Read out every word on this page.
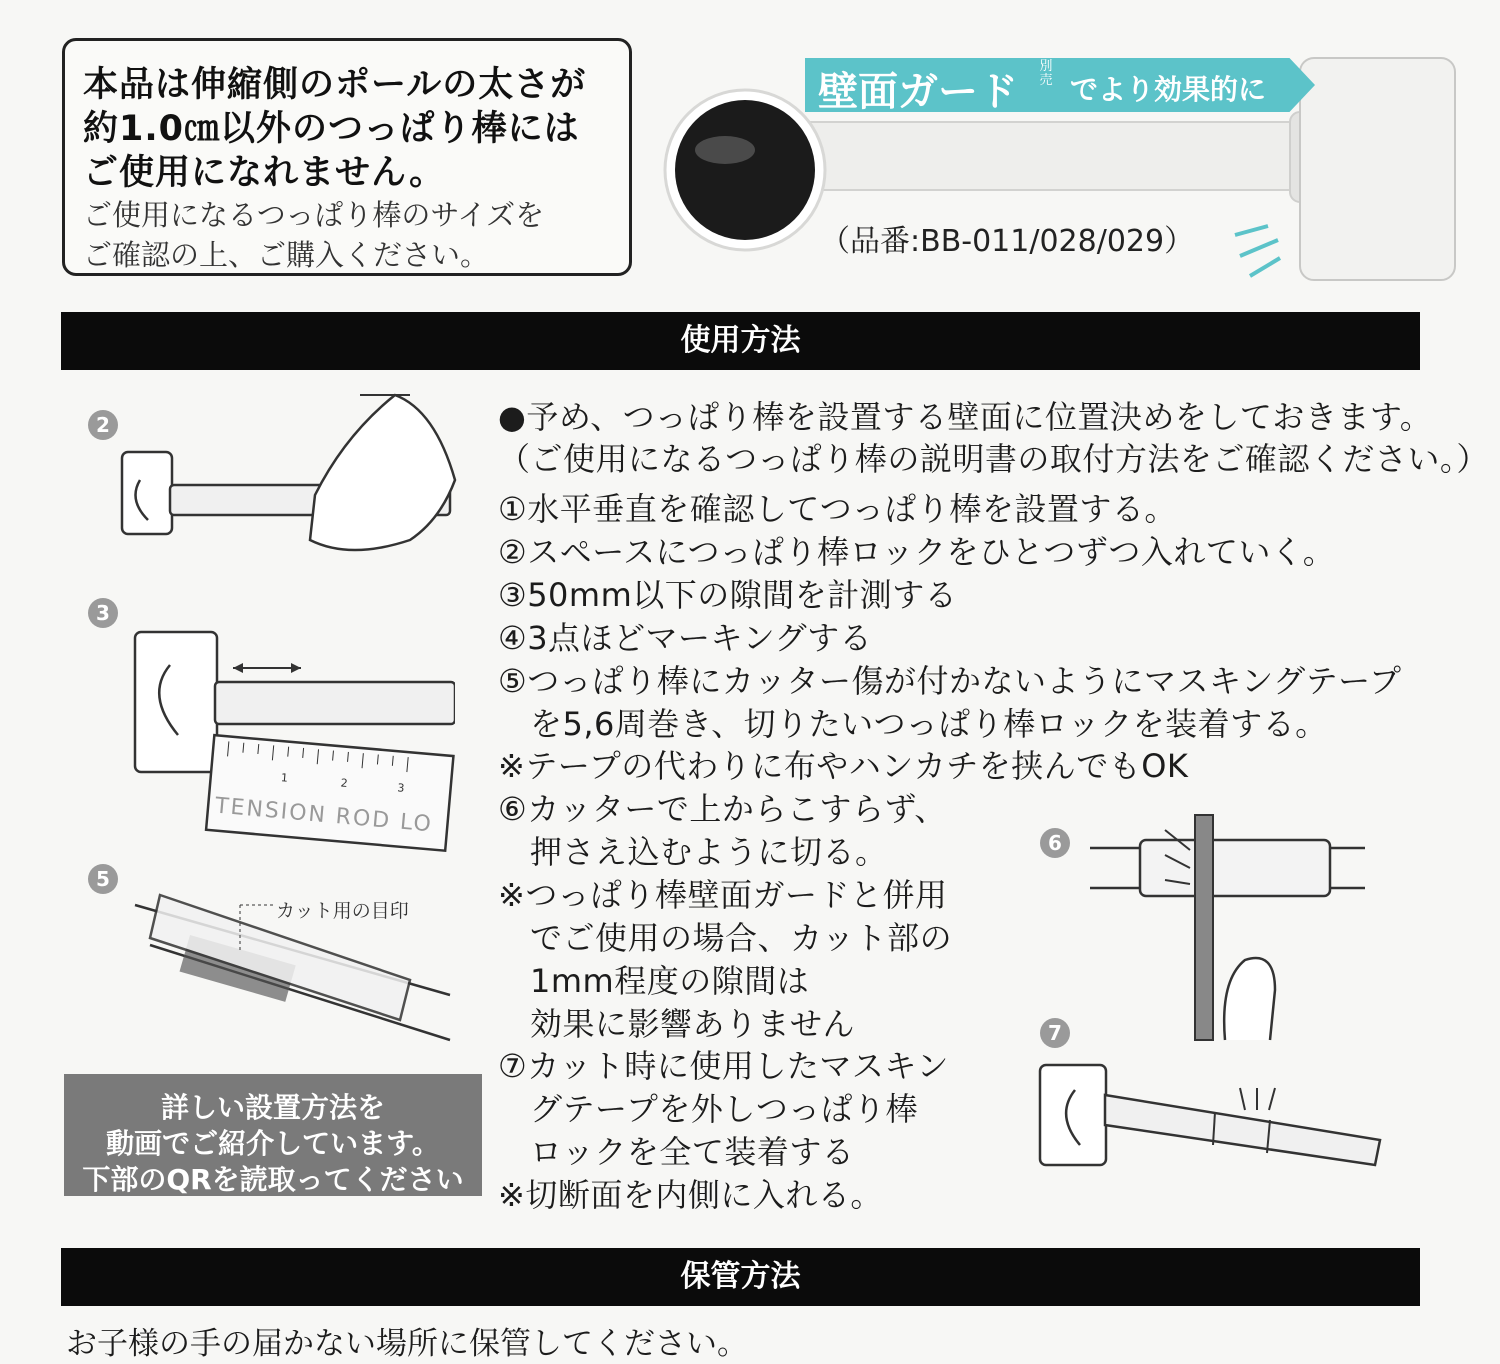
本品は伸縮側のポールの太さが
約1.0㎝以外のつっぱり棒には
ご使用になれません。
ご使用になるつっぱり棒のサイズを
ご確認の上、ご購入ください。
壁面ガード
別売 でより効果的に
（品番:BB-011/028/029）
使用方法
2
3
1	2	3
TENSION ROD LO
5
カット用の目印
詳しい設置方法を
動画でご紹介しています。
下部のQRを読取ってください
●予め、つっぱり棒を設置する壁面に位置決めをしておきます。
（ご使用になるつっぱり棒の説明書の取付方法をご確認ください。）
①水平垂直を確認してつっぱり棒を設置する。
②スペースにつっぱり棒ロックをひとつずつ入れていく。
③50mm以下の隙間を計測する
④3点ほどマーキングする
⑤つっぱり棒にカッター傷が付かないようにマスキングテープ
を5,6周巻き、切りたいつっぱり棒ロックを装着する。
※テープの代わりに布やハンカチを挟んでもOK
⑥カッターで上からこすらず、
押さえ込むように切る。
※つっぱり棒壁面ガードと併用
でご使用の場合、カット部の
1mm程度の隙間は
効果に影響ありません
⑦カット時に使用したマスキン
グテープを外しつっぱり棒
ロックを全て装着する
※切断面を内側に入れる。
6
7
保管方法
お子様の手の届かない場所に保管してください。
